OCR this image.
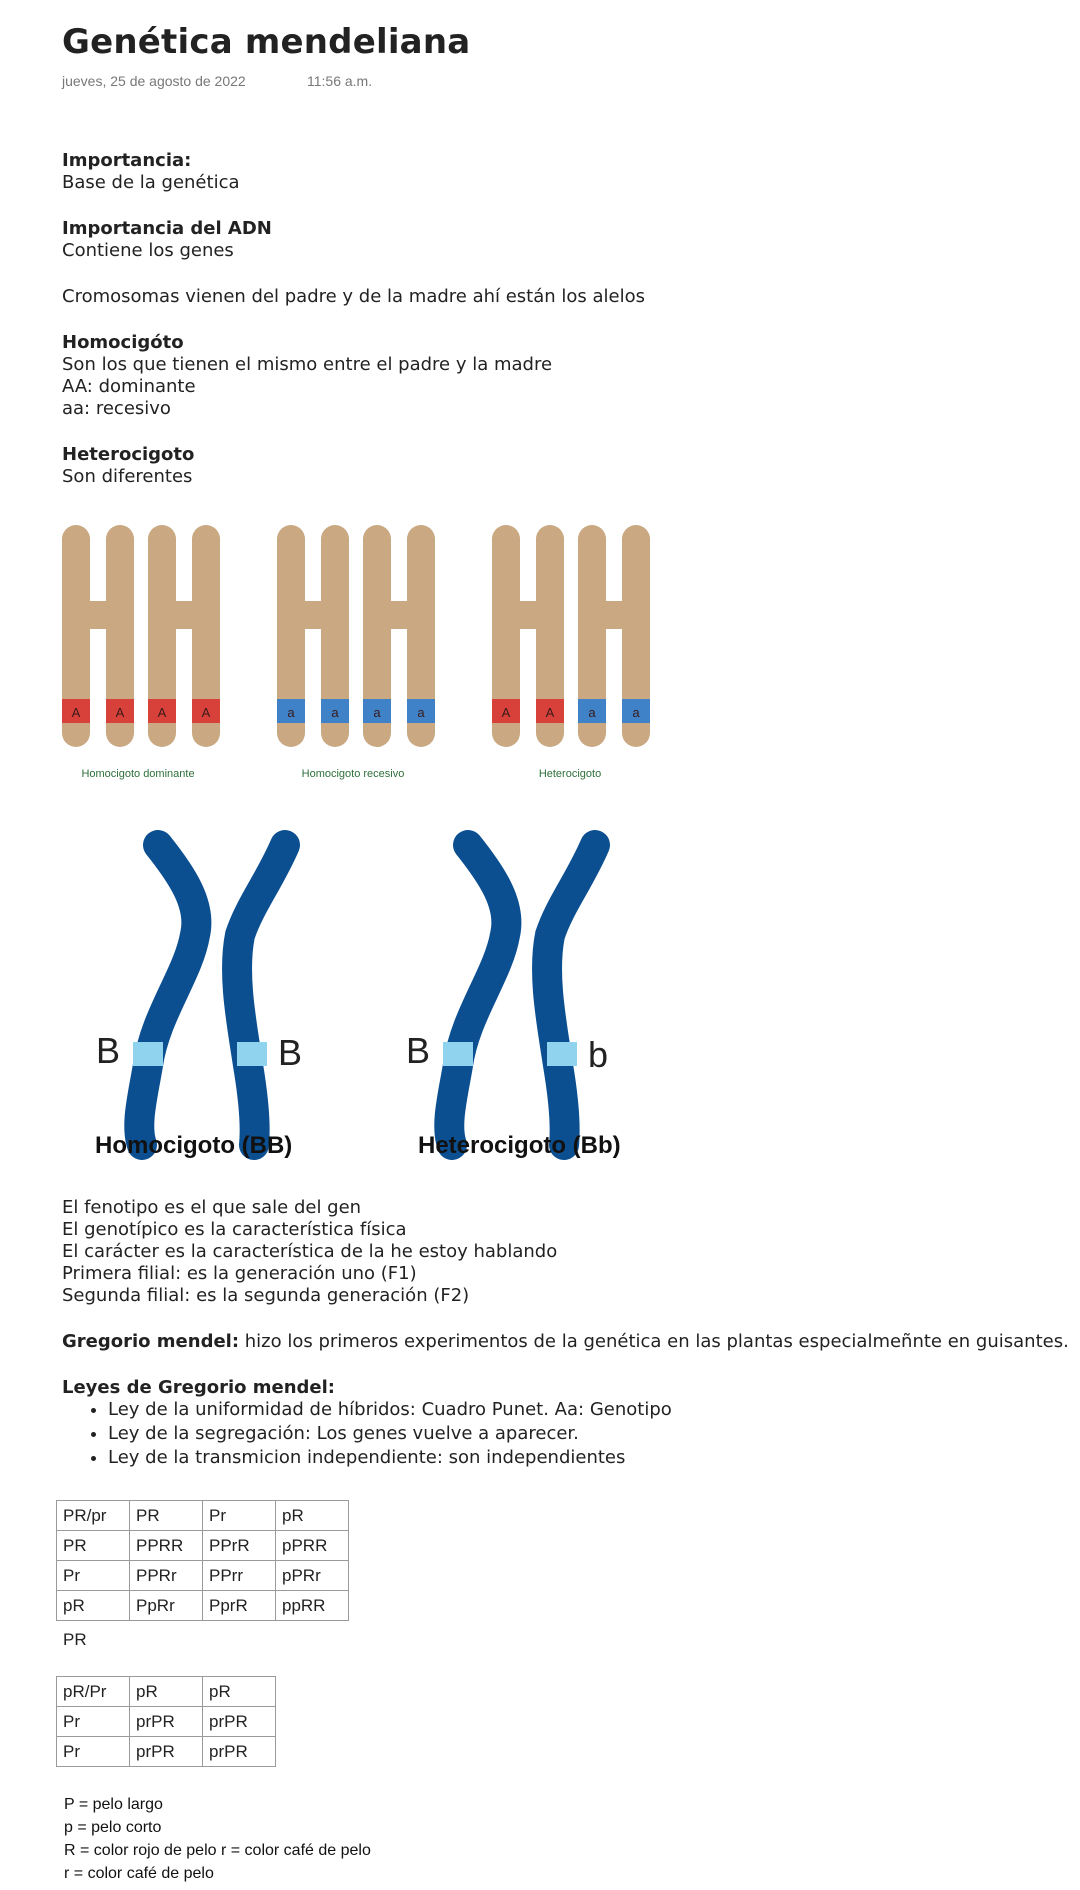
Genética mendeliana
jueves, 25 de agosto de 2022	11:56 a.m.
Importancia:
Base de la genética
Importancia del ADN
Contiene los genes
Cromosomas vienen del padre y de la madre ahí están los alelos
Homocigóto
Son los que tienen el mismo entre el padre y la madre
AA: dominante
aa: recesivo
Heterocigoto
Son diferentes
A	A	A	A
Homocigoto dominante
a	a	a	a
Homocigoto recesivo
A	A	a	a
Heterocigoto
B	B	B	b
Homocigoto (BB)	Heterocigoto (Bb)
El fenotipo es el que sale del gen
El genotípico es la característica física
El carácter es la característica de la he estoy hablando
Primera filial: es la generación uno (F1)
Segunda filial: es la segunda generación (F2)
Gregorio mendel: hizo los primeros experimentos de la genética en las plantas especialmeñnte en guisantes.
Leyes de Gregorio mendel:
• Ley de la uniformidad de híbridos: Cuadro Punet. Aa: Genotipo
• Ley de la segregación: Los genes vuelve a aparecer.
• Ley de la transmicion independiente: son independientes
PR/pr	PR	Pr	pR
PR	PPRR	PPrR	pPRR
Pr	PPRr	PPrr	pPRr
pR	PpRr	PprR	ppRR
PR
pR/Pr	pR	pR
Pr	prPR	prPR
Pr	prPR	prPR
P = pelo largo
p = pelo corto
R = color rojo de pelo r = color café de pelo
r = color café de pelo
